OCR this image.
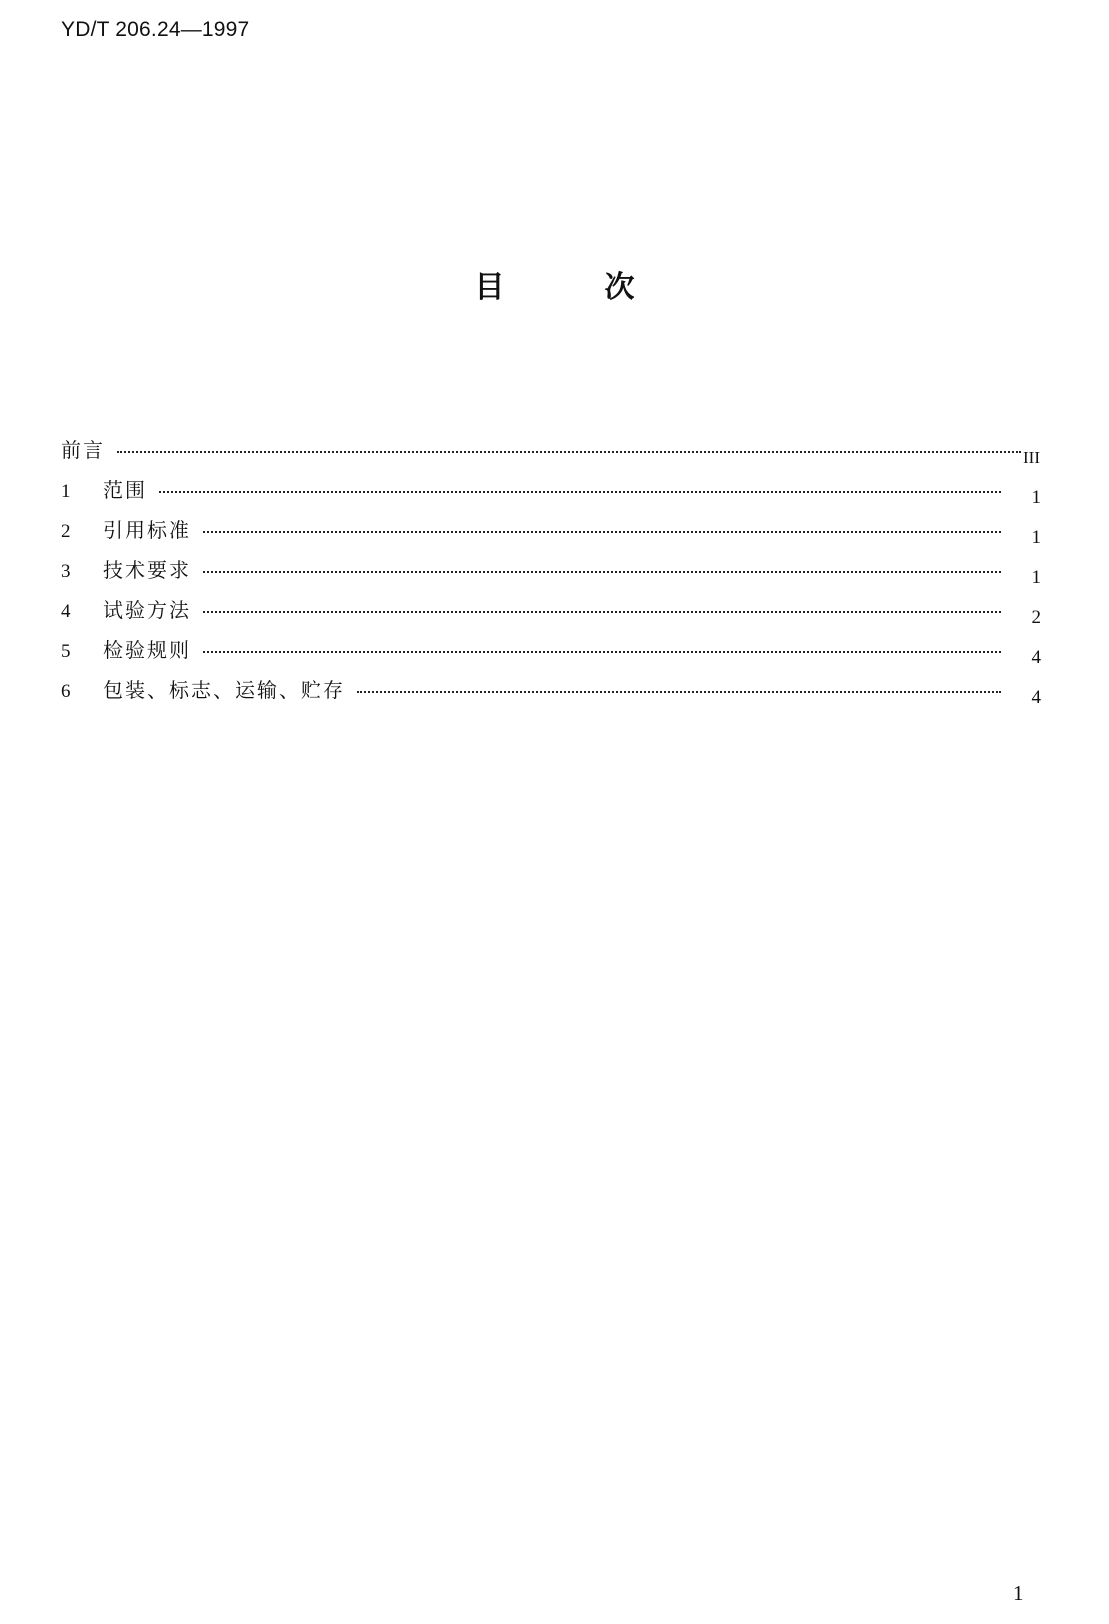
YD/T 206.24—1997
目次
前言	III
1	范围	1
2	引用标准	1
3	技术要求	1
4	试验方法	2
5	检验规则	4
6	包装、标志、运输、贮存	4
1
